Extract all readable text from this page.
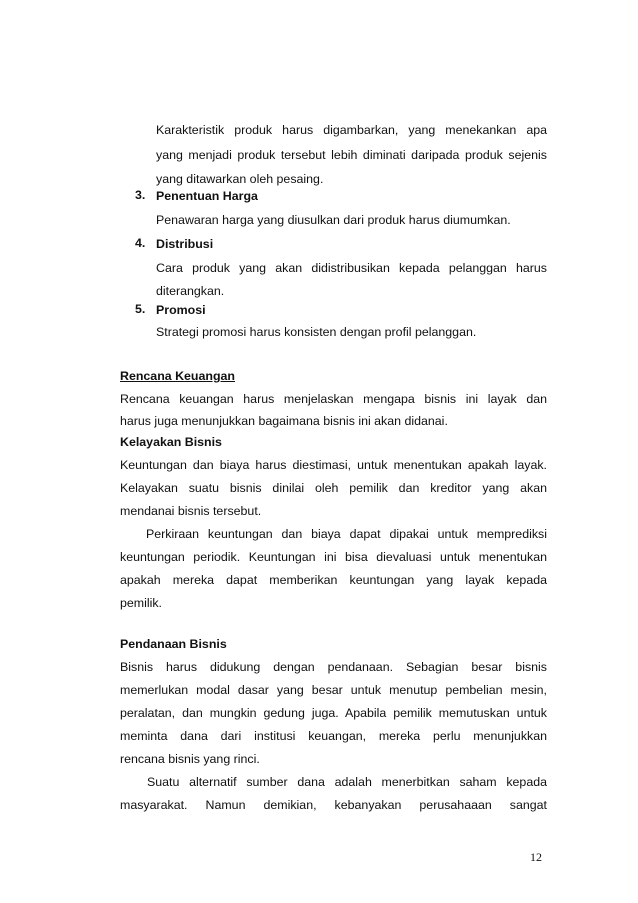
Karakteristik produk harus digambarkan, yang menekankan apa
yang menjadi produk tersebut lebih diminati daripada produk sejenis
yang ditawarkan oleh pesaing.
3. Penentuan Harga
Penawaran harga yang diusulkan dari produk harus diumumkan.
4. Distribusi
Cara produk yang akan didistribusikan kepada pelanggan harus
diterangkan.
5. Promosi
Strategi promosi harus konsisten dengan profil pelanggan.
Rencana Keuangan
Rencana keuangan harus menjelaskan mengapa bisnis ini layak dan
harus juga menunjukkan bagaimana bisnis ini akan didanai.
Kelayakan Bisnis
Keuntungan dan biaya harus diestimasi, untuk menentukan apakah layak.
Kelayakan suatu bisnis dinilai oleh pemilik dan kreditor yang akan
mendanai bisnis tersebut.
Perkiraan keuntungan dan biaya dapat dipakai untuk memprediksi
keuntungan periodik. Keuntungan ini bisa dievaluasi untuk menentukan
apakah mereka dapat memberikan keuntungan yang layak kepada
pemilik.
Pendanaan Bisnis
Bisnis harus didukung dengan pendanaan. Sebagian besar bisnis
memerlukan modal dasar yang besar untuk menutup pembelian mesin,
peralatan, dan mungkin gedung juga. Apabila pemilik memutuskan untuk
meminta dana dari institusi keuangan, mereka perlu menunjukkan
rencana bisnis yang rinci.
Suatu alternatif sumber dana adalah menerbitkan saham kepada
masyarakat. Namun demikian, kebanyakan perusahaaan sangat
12
